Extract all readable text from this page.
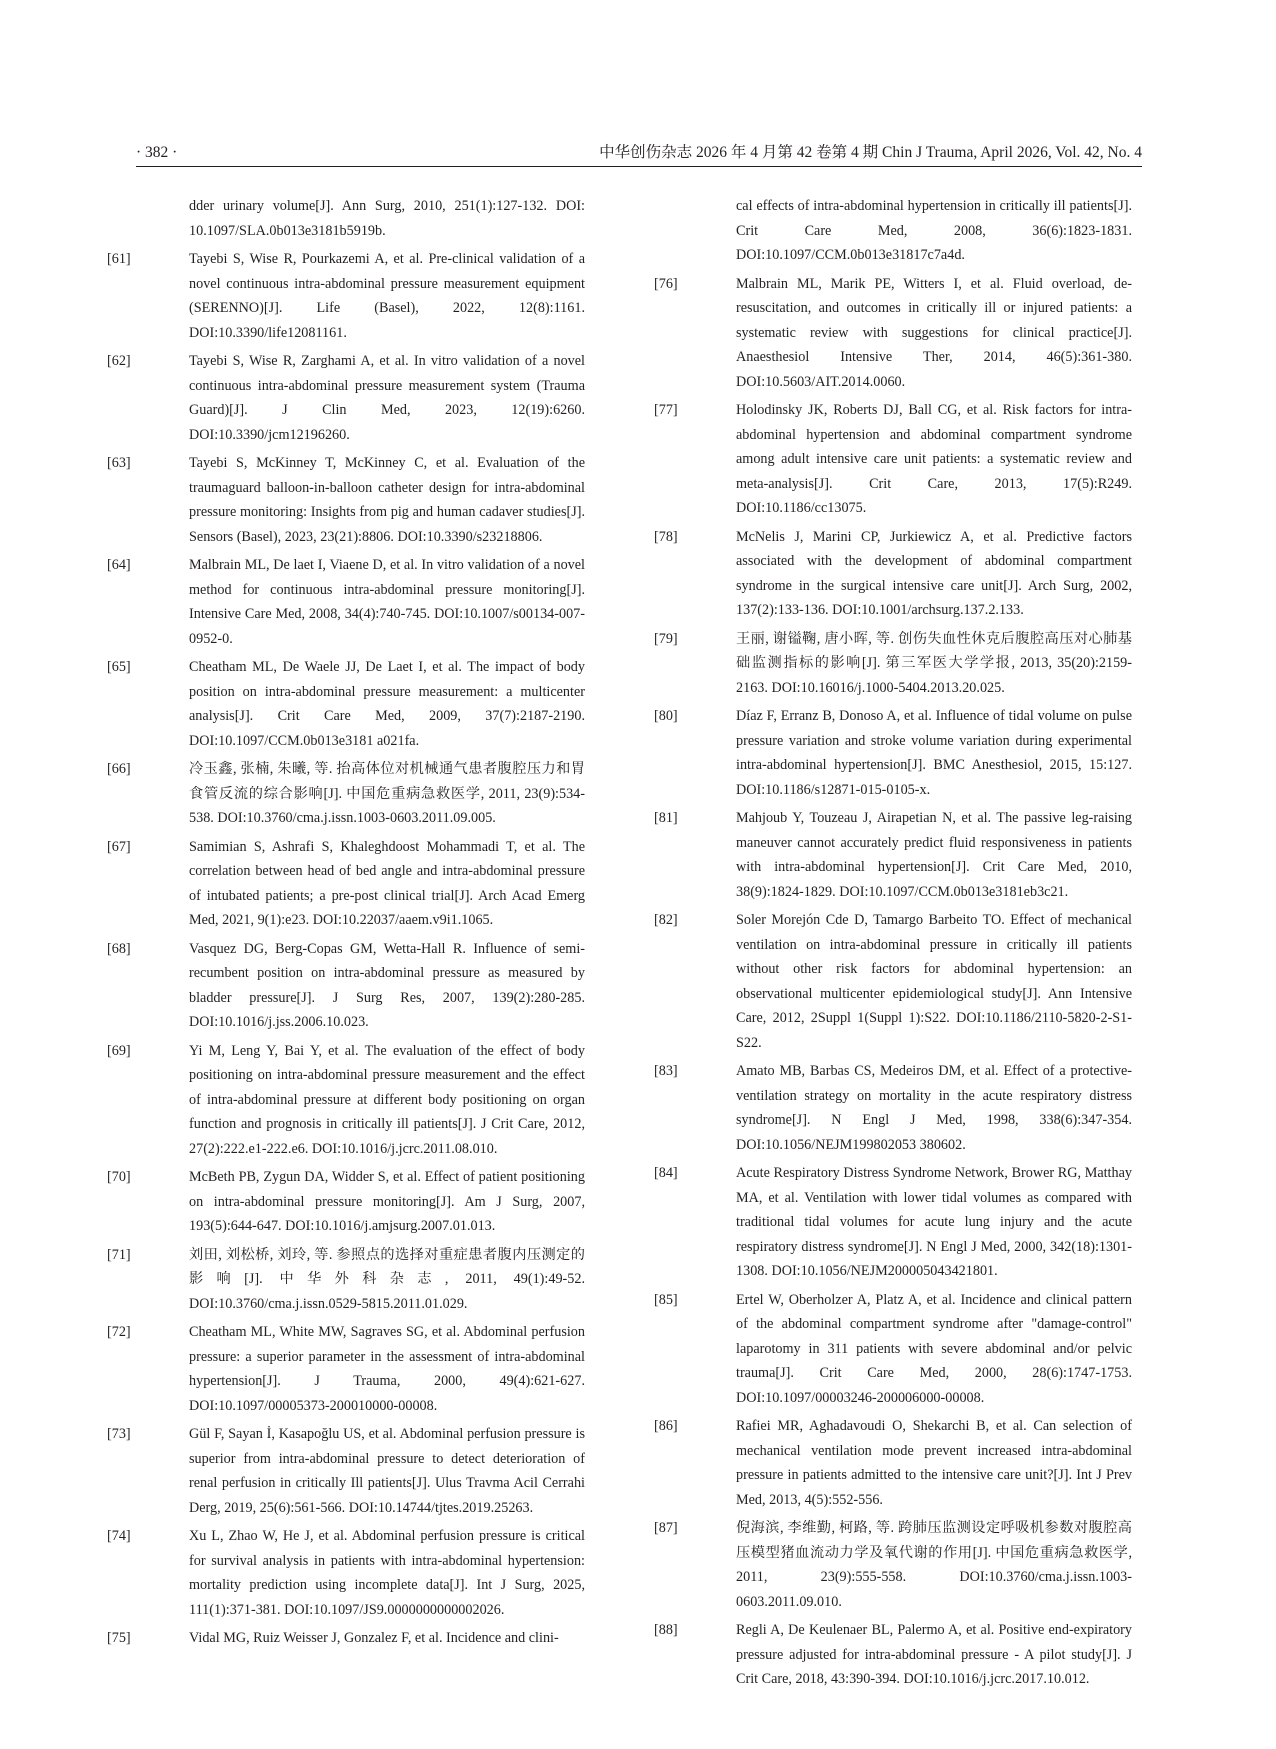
· 382 ·	中华创伤杂志 2026 年 4 月第 42 卷第 4 期 Chin J Trauma, April 2026, Vol. 42, No. 4
dder urinary volume[J]. Ann Surg, 2010, 251(1):127-132. DOI: 10.1097/SLA.0b013e3181b5919b.
[61]	Tayebi S, Wise R, Pourkazemi A, et al. Pre-clinical validation of a novel continuous intra-abdominal pressure measurement equipment (SERENNO)[J]. Life (Basel), 2022, 12(8):1161. DOI:10.3390/life12081161.
[62]	Tayebi S, Wise R, Zarghami A, et al. In vitro validation of a novel continuous intra-abdominal pressure measurement system (Trauma Guard)[J]. J Clin Med, 2023, 12(19):6260. DOI:10.3390/jcm12196260.
[63]	Tayebi S, McKinney T, McKinney C, et al. Evaluation of the traumaguard balloon-in-balloon catheter design for intra-abdominal pressure monitoring: Insights from pig and human cadaver studies[J]. Sensors (Basel), 2023, 23(21):8806. DOI:10.3390/s23218806.
[64]	Malbrain ML, De laet I, Viaene D, et al. In vitro validation of a novel method for continuous intra-abdominal pressure monitoring[J]. Intensive Care Med, 2008, 34(4):740-745. DOI:10.1007/s00134-007-0952-0.
[65]	Cheatham ML, De Waele JJ, De Laet I, et al. The impact of body position on intra-abdominal pressure measurement: a multicenter analysis[J]. Crit Care Med, 2009, 37(7):2187-2190. DOI:10.1097/CCM.0b013e3181 a021fa.
[66]	冷玉鑫, 张楠, 朱曦, 等. 抬高体位对机械通气患者腹腔压力和胃食管反流的综合影响[J]. 中国危重病急救医学, 2011, 23(9):534-538. DOI:10.3760/cma.j.issn.1003-0603.2011.09.005.
[67]	Samimian S, Ashrafi S, Khaleghdoost Mohammadi T, et al. The correlation between head of bed angle and intra-abdominal pressure of intubated patients; a pre-post clinical trial[J]. Arch Acad Emerg Med, 2021, 9(1):e23. DOI:10.22037/aaem.v9i1.1065.
[68]	Vasquez DG, Berg-Copas GM, Wetta-Hall R. Influence of semi-recumbent position on intra-abdominal pressure as measured by bladder pressure[J]. J Surg Res, 2007, 139(2):280-285. DOI:10.1016/j.jss.2006.10.023.
[69]	Yi M, Leng Y, Bai Y, et al. The evaluation of the effect of body positioning on intra-abdominal pressure measurement and the effect of intra-abdominal pressure at different body positioning on organ function and prognosis in critically ill patients[J]. J Crit Care, 2012, 27(2):222.e1-222.e6. DOI:10.1016/j.jcrc.2011.08.010.
[70]	McBeth PB, Zygun DA, Widder S, et al. Effect of patient positioning on intra-abdominal pressure monitoring[J]. Am J Surg, 2007, 193(5):644-647. DOI:10.1016/j.amjsurg.2007.01.013.
[71]	刘田, 刘松桥, 刘玲, 等. 参照点的选择对重症患者腹内压测定的影响[J]. 中华外科杂志, 2011, 49(1):49-52. DOI:10.3760/cma.j.issn.0529-5815.2011.01.029.
[72]	Cheatham ML, White MW, Sagraves SG, et al. Abdominal perfusion pressure: a superior parameter in the assessment of intra-abdominal hypertension[J]. J Trauma, 2000, 49(4):621-627. DOI:10.1097/00005373-200010000-00008.
[73]	Gül F, Sayan İ, Kasapoğlu US, et al. Abdominal perfusion pressure is superior from intra-abdominal pressure to detect deterioration of renal perfusion in critically Ill patients[J]. Ulus Travma Acil Cerrahi Derg, 2019, 25(6):561-566. DOI:10.14744/tjtes.2019.25263.
[74]	Xu L, Zhao W, He J, et al. Abdominal perfusion pressure is critical for survival analysis in patients with intra-abdominal hypertension: mortality prediction using incomplete data[J]. Int J Surg, 2025, 111(1):371-381. DOI:10.1097/JS9.0000000000002026.
[75]	Vidal MG, Ruiz Weisser J, Gonzalez F, et al. Incidence and clini-
cal effects of intra-abdominal hypertension in critically ill patients[J]. Crit Care Med, 2008, 36(6):1823-1831. DOI:10.1097/CCM.0b013e31817c7a4d.
[76]	Malbrain ML, Marik PE, Witters I, et al. Fluid overload, de-resuscitation, and outcomes in critically ill or injured patients: a systematic review with suggestions for clinical practice[J]. Anaesthesiol Intensive Ther, 2014, 46(5):361-380. DOI:10.5603/AIT.2014.0060.
[77]	Holodinsky JK, Roberts DJ, Ball CG, et al. Risk factors for intra-abdominal hypertension and abdominal compartment syndrome among adult intensive care unit patients: a systematic review and meta-analysis[J]. Crit Care, 2013, 17(5):R249. DOI:10.1186/cc13075.
[78]	McNelis J, Marini CP, Jurkiewicz A, et al. Predictive factors associated with the development of abdominal compartment syndrome in the surgical intensive care unit[J]. Arch Surg, 2002, 137(2):133-136. DOI:10.1001/archsurg.137.2.133.
[79]	王丽, 谢镒鞠, 唐小晖, 等. 创伤失血性休克后腹腔高压对心肺基础监测指标的影响[J]. 第三军医大学学报, 2013, 35(20):2159-2163. DOI:10.16016/j.1000-5404.2013.20.025.
[80]	Díaz F, Erranz B, Donoso A, et al. Influence of tidal volume on pulse pressure variation and stroke volume variation during experimental intra-abdominal hypertension[J]. BMC Anesthesiol, 2015, 15:127. DOI:10.1186/s12871-015-0105-x.
[81]	Mahjoub Y, Touzeau J, Airapetian N, et al. The passive leg-raising maneuver cannot accurately predict fluid responsiveness in patients with intra-abdominal hypertension[J]. Crit Care Med, 2010, 38(9):1824-1829. DOI:10.1097/CCM.0b013e3181eb3c21.
[82]	Soler Morejón Cde D, Tamargo Barbeito TO. Effect of mechanical ventilation on intra-abdominal pressure in critically ill patients without other risk factors for abdominal hypertension: an observational multicenter epidemiological study[J]. Ann Intensive Care, 2012, 2Suppl 1(Suppl 1):S22. DOI:10.1186/2110-5820-2-S1-S22.
[83]	Amato MB, Barbas CS, Medeiros DM, et al. Effect of a protective-ventilation strategy on mortality in the acute respiratory distress syndrome[J]. N Engl J Med, 1998, 338(6):347-354. DOI:10.1056/NEJM199802053 380602.
[84]	Acute Respiratory Distress Syndrome Network, Brower RG, Matthay MA, et al. Ventilation with lower tidal volumes as compared with traditional tidal volumes for acute lung injury and the acute respiratory distress syndrome[J]. N Engl J Med, 2000, 342(18):1301-1308. DOI:10.1056/NEJM200005043421801.
[85]	Ertel W, Oberholzer A, Platz A, et al. Incidence and clinical pattern of the abdominal compartment syndrome after "damage-control" laparotomy in 311 patients with severe abdominal and/or pelvic trauma[J]. Crit Care Med, 2000, 28(6):1747-1753. DOI:10.1097/00003246-200006000-00008.
[86]	Rafiei MR, Aghadavoudi O, Shekarchi B, et al. Can selection of mechanical ventilation mode prevent increased intra-abdominal pressure in patients admitted to the intensive care unit?[J]. Int J Prev Med, 2013, 4(5):552-556.
[87]	倪海滨, 李维勤, 柯路, 等. 跨肺压监测设定呼吸机参数对腹腔高压模型猪血流动力学及氧代谢的作用[J]. 中国危重病急救医学, 2011, 23(9):555-558. DOI:10.3760/cma.j.issn.1003-0603.2011.09.010.
[88]	Regli A, De Keulenaer BL, Palermo A, et al. Positive end-expiratory pressure adjusted for intra-abdominal pressure - A pilot study[J]. J Crit Care, 2018, 43:390-394. DOI:10.1016/j.jcrc.2017.10.012.
